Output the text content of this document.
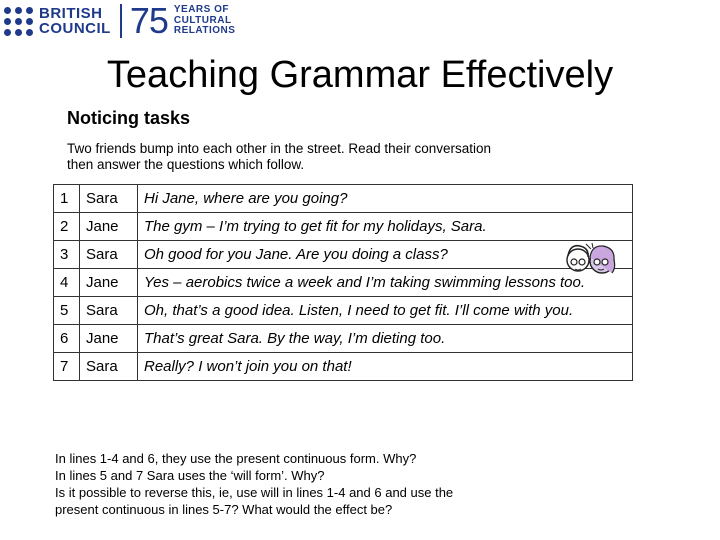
BRITISH
COUNCIL 75 YEARS OF
CULTURAL
RELATIONS
Teaching Grammar Effectively
Noticing tasks
Two friends bump into each other in the street. Read their conversation
then answer the questions which follow.
1	Sara	Hi Jane, where are you going?
2	Jane	The gym – I’m trying to get fit for my holidays, Sara.
3	Sara	Oh good for you Jane. Are you doing a class?
4	Jane	Yes – aerobics twice a week and I’m taking swimming lessons too.
5	Sara	Oh, that’s a good idea. Listen, I need to get fit. I’ll come with you.
6	Jane	That’s great Sara. By the way, I’m dieting too.
7	Sara	Really? I won’t join you on that!
In lines 1-4 and 6, they use the present continuous form. Why?
In lines 5 and 7 Sara uses the ‘will form’. Why?
Is it possible to reverse this, ie, use will in lines 1-4 and 6 and use the
present continuous in lines 5-7? What would the effect be?
